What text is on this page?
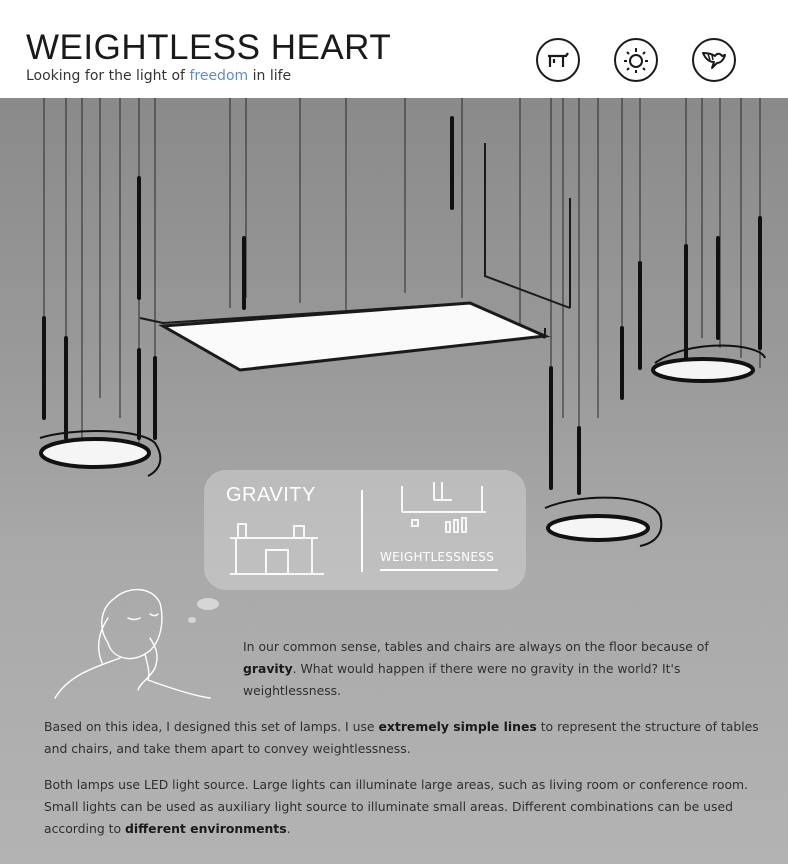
WEIGHTLESS HEART
Looking for the light of freedom in life
GRAVITY
WEIGHTLESSNESS
In our common sense, tables and chairs are always on the floor because of gravity. What would happen if there were no gravity in the world? It's weightlessness.
Based on this idea, I designed this set of lamps. I use extremely simple lines to represent the structure of tables and chairs, and take them apart to convey weightlessness.
Both lamps use LED light source. Large lights can illuminate large areas, such as living room or conference room. Small lights can be used as auxiliary light source to illuminate small areas. Different combinations can be used according to different environments.
